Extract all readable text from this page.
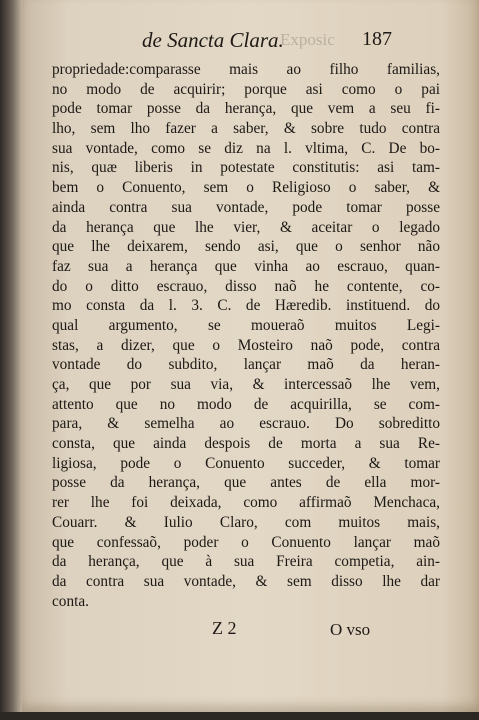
Exposic
de Sancta Clara.	187
propriedade:comparasse mais ao filho familias,
no modo de acquirir; porque asi como o pai
pode tomar posse da herança, que vem a seu fi-
lho, sem lho fazer a saber, & sobre tudo contra
sua vontade, como se diz na l. vltima, C. De bo-
nis, quæ liberis in potestate constitutis: asi tam-
bem o Conuento, sem o Religioso o saber, &
ainda contra sua vontade, pode tomar posse
da herança que lhe vier, & aceitar o legado
que lhe deixarem, sendo asi, que o senhor não
faz sua a herança que vinha ao escrauo, quan-
do o ditto escrauo, disso naõ he contente, co-
mo consta da l. 3. C. de Hæredib. instituend. do
qual argumento, se moueraõ muitos Legi-
stas, a dizer, que o Mosteiro naõ pode, contra
vontade do subdito, lançar maõ da heran-
ça, que por sua via, & intercessaõ lhe vem,
attento que no modo de acquirilla, se com-
para, & semelha ao escrauo. Do sobreditto
consta, que ainda despois de morta a sua Re-
ligiosa, pode o Conuento succeder, & tomar
posse da herança, que antes de ella mor-
rer lhe foi deixada, como affirmaõ Menchaca,
Couarr. & Iulio Claro, com muitos mais,
que confessaõ, poder o Conuento lançar maõ
da herança, que à sua Freira competia, ain-
da contra sua vontade, & sem disso lhe dar
conta.
Z 2	O vso
